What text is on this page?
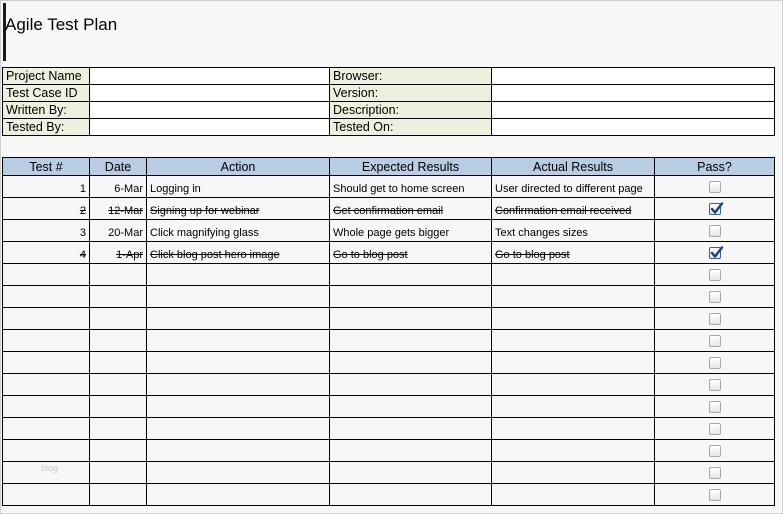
Agile Test Plan
Project Name		Browser:	
Test Case ID		Version:	
Written By:		Description:	
Tested By:		Tested On:	
Test #	Date	Action	Expected Results	Actual Results	Pass?
1	6-Mar	Logging in	Should get to home screen	User directed to different page	
2	12-Mar	Signing up for webinar	Get confirmation email	Confirmation email received	

3	20-Mar	Click magnifying glass	Whole page gets bigger	Text changes sizes	
4	1-Apr	Click blog post hero image	Go to blog post	Go to blog post	

blog
